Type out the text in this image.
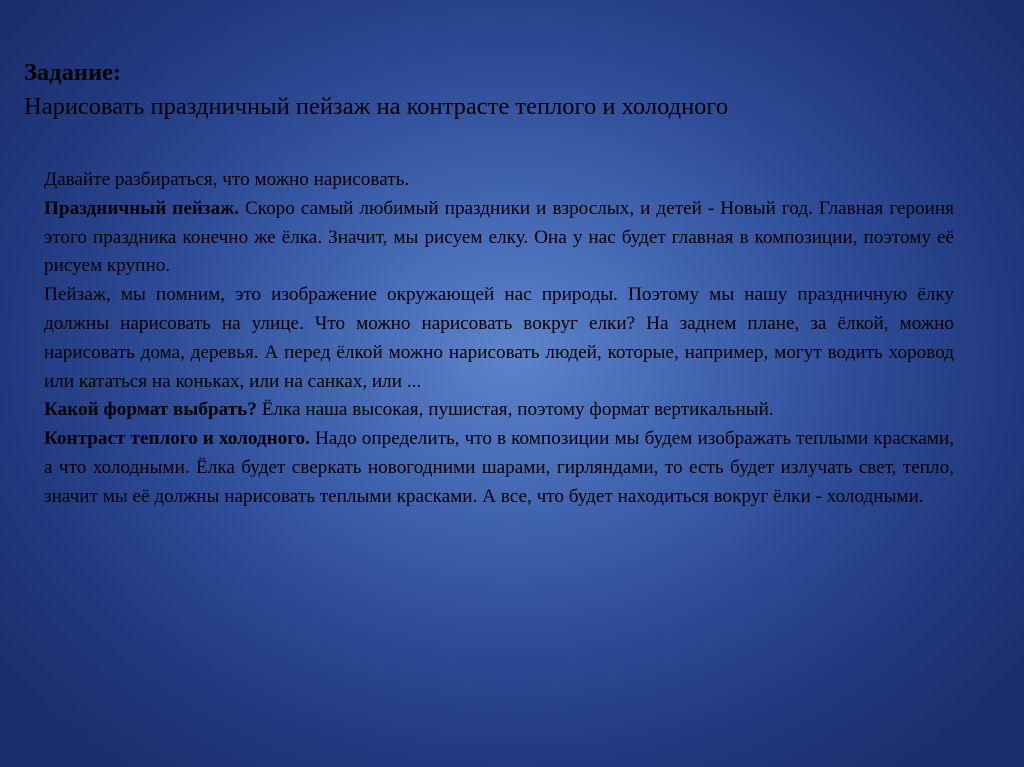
Задание:
Нарисовать праздничный пейзаж на контрасте теплого и холодного

Давайте разбираться, что можно нарисовать.

Праздничный пейзаж. Скоро самый любимый праздники и взрослых, и детей - Новый год. Главная героиня этого праздника конечно же ёлка. Значит, мы рисуем елку. Она у нас будет главная в композиции, поэтому её рисуем крупно.

Пейзаж, мы помним, это изображение окружающей нас природы. Поэтому мы нашу праздничную ёлку должны нарисовать на улице. Что можно нарисовать вокруг елки? На заднем плане, за ёлкой, можно нарисовать дома, деревья. А перед ёлкой можно нарисовать людей, которые, например, могут водить хоровод или кататься на коньках, или на санках, или ...

Какой формат выбрать? Ёлка наша высокая, пушистая, поэтому формат вертикальный.

Контраст теплого и холодного. Надо определить, что в композиции мы будем изображать теплыми красками, а что холодными. Ёлка будет сверкать новогодними шарами, гирляндами, то есть будет излучать свет, тепло, значит мы её должны нарисовать теплыми красками. А все, что будет находиться вокруг ёлки - холодными.
